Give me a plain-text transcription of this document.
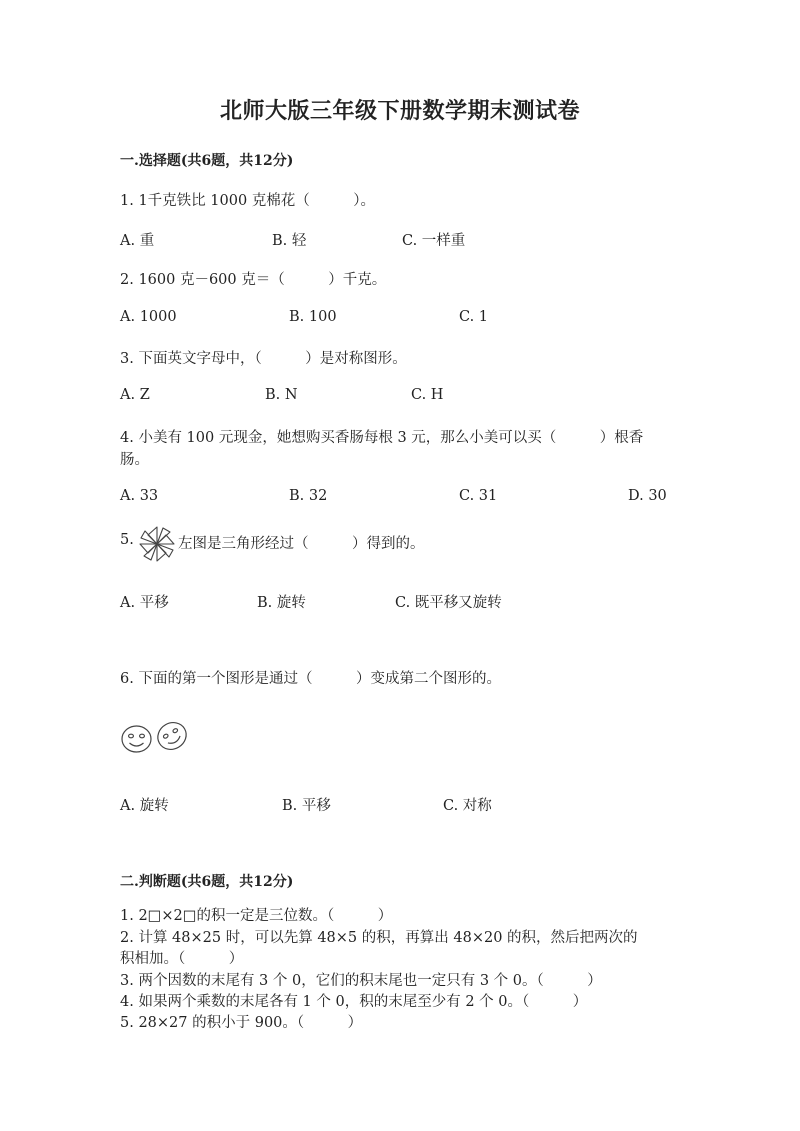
北师大版三年级下册数学期末测试卷
一.选择题(共6题，共12分)
1. 1千克铁比 1000 克棉花（　　　）。
A. 重	B. 轻	C. 一样重
2. 1600 克－600 克＝（　　　）千克。
A. 1000	B. 100	C. 1
3. 下面英文字母中，（　　　）是对称图形。
A. Z	B. N	C. H
4. 小美有 100 元现金，她想购买香肠每根 3 元，那么小美可以买（　　　）根香
肠。
A. 33	B. 32	C. 31	D. 30
5.	左图是三角形经过（　　　）得到的。
A. 平移	B. 旋转	C. 既平移又旋转
6. 下面的第一个图形是通过（　　　）变成第二个图形的。
A. 旋转	B. 平移	C. 对称
二.判断题(共6题，共12分)
1. 2□×2□的积一定是三位数。（　　　）
2. 计算 48×25 时，可以先算 48×5 的积，再算出 48×20 的积，然后把两次的
积相加。（　　　）
3. 两个因数的末尾有 3 个 0，它们的积末尾也一定只有 3 个 0。（　　　）
4. 如果两个乘数的末尾各有 1 个 0，积的末尾至少有 2 个 0。（　　　）
5. 28×27 的积小于 900。（　　　）
